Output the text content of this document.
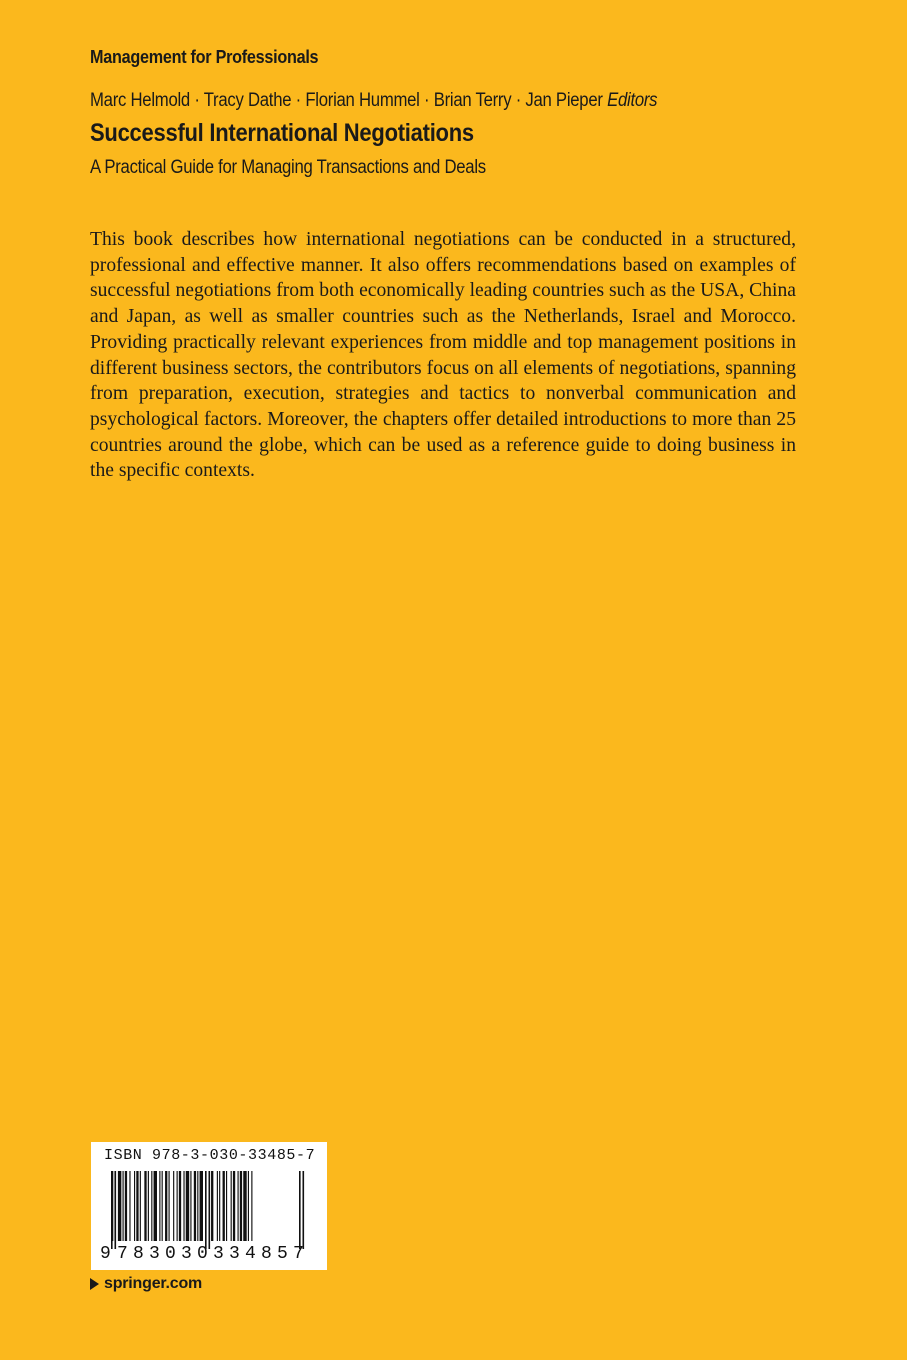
Management for Professionals
Marc Helmold · Tracy Dathe · Florian Hummel · Brian Terry · Jan Pieper Editors
Successful International Negotiations
A Practical Guide for Managing Transactions and Deals

This book describes how international negotiations can be conducted in a structured, professional and effective manner. It also offers recommendations based on examples of successful negotiations from both economically leading countries such as the USA, China and Japan, as well as smaller countries such as the Netherlands, Israel and Morocco. Providing practically relevant experiences from middle and top management positions in different business sectors, the contributors focus on all elements of negotiations, spanning from preparation, execution, strategies and tactics to nonverbal communication and psychological factors. Moreover, the chapters offer detailed introductions to more than 25 countries around the globe, which can be used as a reference guide to doing business in the specific contexts.

ISBN 978-3-030-33485-7
9 7 8 3 0 3 0 3 3 4 8 5 7
springer.com
